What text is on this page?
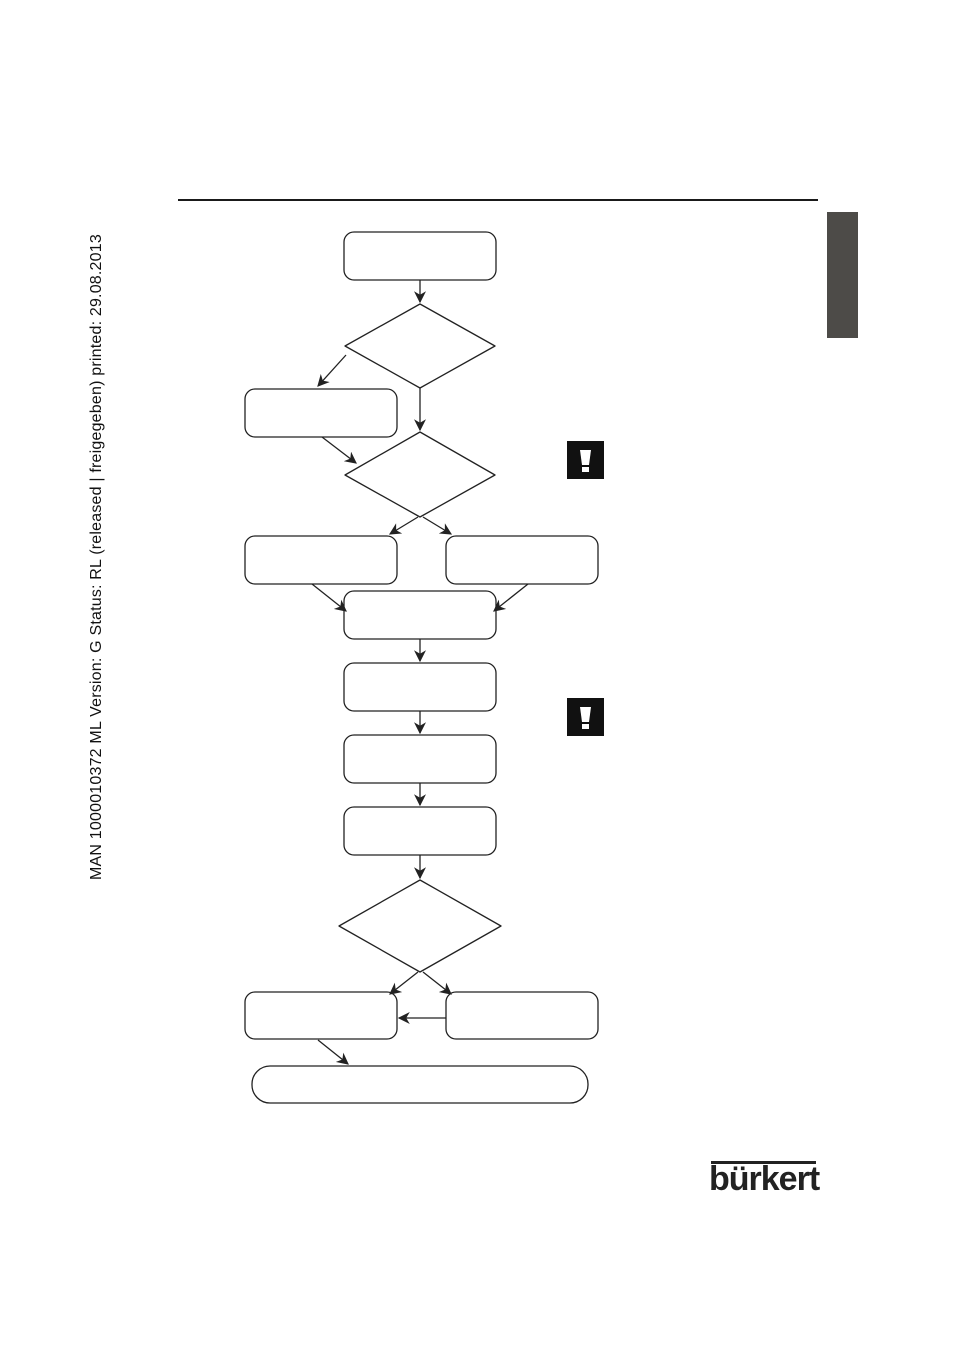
MAN 1000010372 ML Version: G Status: RL (released | freigegeben) printed: 29.08.2013
bürkert
